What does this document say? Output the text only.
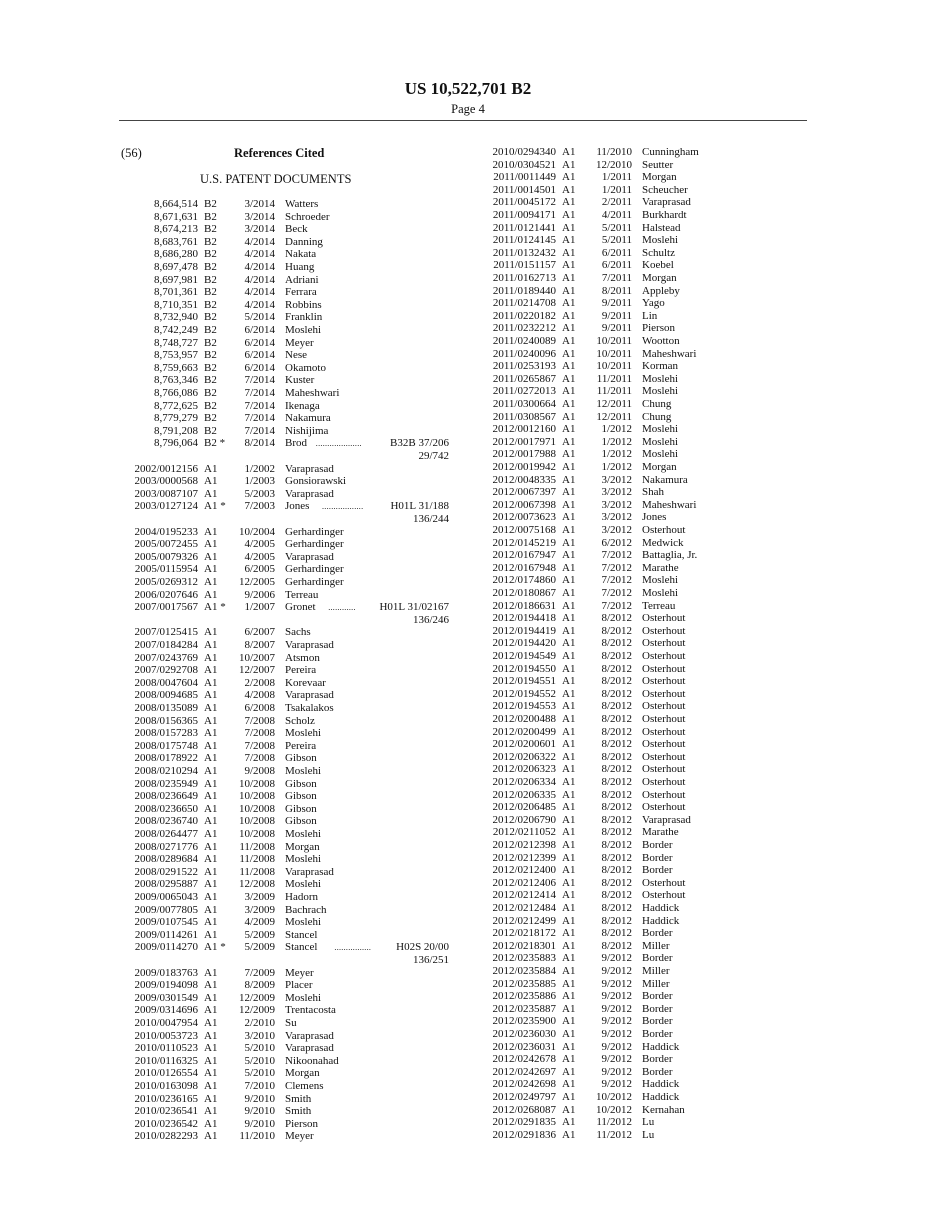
US 10,522,701 B2
Page 4
(56)	References Cited
U.S. PATENT DOCUMENTS
8,664,514 B2	3/2014 Watters
8,671,631 B2	3/2014 Schroeder
8,674,213 B2	3/2014 Beck
8,683,761 B2	4/2014 Danning
8,686,280 B2	4/2014 Nakata
8,697,478 B2	4/2014 Huang
8,697,981 B2	4/2014 Adriani
8,701,361 B2	4/2014 Ferrara
8,710,351 B2	4/2014 Robbins
8,732,940 B2	5/2014 Franklin
8,742,249 B2	6/2014 Moslehi
8,748,727 B2	6/2014 Meyer
8,753,957 B2	6/2014 Nese
8,759,663 B2	6/2014 Okamoto
8,763,346 B2	7/2014 Kuster
8,766,086 B2	7/2014 Maheshwari
8,772,625 B2	7/2014 Ikenaga
8,779,279 B2	7/2014 Nakamura
8,791,208 B2	7/2014 Nishijima
8,796,064 B2 * 8/2014 Brod ....................	B32B 37/206
29/742
2002/0012156 A1 1/2002 Varaprasad
2003/0000568 A1 1/2003 Gonsiorawski
2003/0087107 A1 5/2003 Varaprasad
2003/0127124 A1 * 7/2003 Jones .................. H01L 31/188
136/244
2004/0195233 A1 10/2004 Gerhardinger
2005/0072455 A1 4/2005 Gerhardinger
2005/0079326 A1 4/2005 Varaprasad
2005/0115954 A1 6/2005 Gerhardinger
2005/0269312 A1 12/2005 Gerhardinger
2006/0207646 A1 9/2006 Terreau
2007/0017567 A1 * 1/2007 Gronet ............ H01L 31/02167
136/246
2007/0125415 A1 6/2007 Sachs
2007/0184284 A1 8/2007 Varaprasad
2007/0243769 A1 10/2007 Atsmon
2007/0292708 A1 12/2007 Pereira
2008/0047604 A1 2/2008 Korevaar
2008/0094685 A1 4/2008 Varaprasad
2008/0135089 A1 6/2008 Tsakalakos
2008/0156365 A1 7/2008 Scholz
2008/0157283 A1 7/2008 Moslehi
2008/0175748 A1 7/2008 Pereira
2008/0178922 A1 7/2008 Gibson
2008/0210294 A1 9/2008 Moslehi
2008/0235949 A1 10/2008 Gibson
2008/0236649 A1 10/2008 Gibson
2008/0236650 A1 10/2008 Gibson
2008/0236740 A1 10/2008 Gibson
2008/0264477 A1 10/2008 Moslehi
2008/0271776 A1 11/2008 Morgan
2008/0289684 A1 11/2008 Moslehi
2008/0291522 A1 11/2008 Varaprasad
2008/0295887 A1 12/2008 Moslehi
2009/0065043 A1 3/2009 Hadorn
2009/0077805 A1 3/2009 Bachrach
2009/0107545 A1 4/2009 Moslehi
2009/0114261 A1 5/2009 Stancel
2009/0114270 A1 * 5/2009 Stancel ................ H02S 20/00
136/251
2009/0183763 A1 7/2009 Meyer
2009/0194098 A1 8/2009 Placer
2009/0301549 A1 12/2009 Moslehi
2009/0314696 A1 12/2009 Trentacosta
2010/0047954 A1 2/2010 Su
2010/0053723 A1 3/2010 Varaprasad
2010/0110523 A1 5/2010 Varaprasad
2010/0116325 A1 5/2010 Nikoonahad
2010/0126554 A1 5/2010 Morgan
2010/0163098 A1 7/2010 Clemens
2010/0236165 A1 9/2010 Smith
2010/0236541 A1 9/2010 Smith
2010/0236542 A1 9/2010 Pierson
2010/0282293 A1 11/2010 Meyer
2010/0294340 A1 11/2010 Cunningham
2010/0304521 A1 12/2010 Seutter
2011/0011449 A1 1/2011 Morgan
2011/0014501 A1 1/2011 Scheucher
2011/0045172 A1 2/2011 Varaprasad
2011/0094171 A1 4/2011 Burkhardt
2011/0121441 A1 5/2011 Halstead
2011/0124145 A1 5/2011 Moslehi
2011/0132432 A1 6/2011 Schultz
2011/0151157 A1 6/2011 Koebel
2011/0162713 A1 7/2011 Morgan
2011/0189440 A1 8/2011 Appleby
2011/0214708 A1 9/2011 Yago
2011/0220182 A1 9/2011 Lin
2011/0232212 A1 9/2011 Pierson
2011/0240089 A1 10/2011 Wootton
2011/0240096 A1 10/2011 Maheshwari
2011/0253193 A1 10/2011 Korman
2011/0265867 A1 11/2011 Moslehi
2011/0272013 A1 11/2011 Moslehi
2011/0300664 A1 12/2011 Chung
2011/0308567 A1 12/2011 Chung
2012/0012160 A1 1/2012 Moslehi
2012/0017971 A1 1/2012 Moslehi
2012/0017988 A1 1/2012 Moslehi
2012/0019942 A1 1/2012 Morgan
2012/0048335 A1 3/2012 Nakamura
2012/0067397 A1 3/2012 Shah
2012/0067398 A1 3/2012 Maheshwari
2012/0073623 A1 3/2012 Jones
2012/0075168 A1 3/2012 Osterhout
2012/0145219 A1 6/2012 Medwick
2012/0167947 A1 7/2012 Battaglia, Jr.
2012/0167948 A1 7/2012 Marathe
2012/0174860 A1 7/2012 Moslehi
2012/0180867 A1 7/2012 Moslehi
2012/0186631 A1 7/2012 Terreau
2012/0194418 A1 8/2012 Osterhout
2012/0194419 A1 8/2012 Osterhout
2012/0194420 A1 8/2012 Osterhout
2012/0194549 A1 8/2012 Osterhout
2012/0194550 A1 8/2012 Osterhout
2012/0194551 A1 8/2012 Osterhout
2012/0194552 A1 8/2012 Osterhout
2012/0194553 A1 8/2012 Osterhout
2012/0200488 A1 8/2012 Osterhout
2012/0200499 A1 8/2012 Osterhout
2012/0200601 A1 8/2012 Osterhout
2012/0206322 A1 8/2012 Osterhout
2012/0206323 A1 8/2012 Osterhout
2012/0206334 A1 8/2012 Osterhout
2012/0206335 A1 8/2012 Osterhout
2012/0206485 A1 8/2012 Osterhout
2012/0206790 A1 8/2012 Varaprasad
2012/0211052 A1 8/2012 Marathe
2012/0212398 A1 8/2012 Border
2012/0212399 A1 8/2012 Border
2012/0212400 A1 8/2012 Border
2012/0212406 A1 8/2012 Osterhout
2012/0212414 A1 8/2012 Osterhout
2012/0212484 A1 8/2012 Haddick
2012/0212499 A1 8/2012 Haddick
2012/0218172 A1 8/2012 Border
2012/0218301 A1 8/2012 Miller
2012/0235883 A1 9/2012 Border
2012/0235884 A1 9/2012 Miller
2012/0235885 A1 9/2012 Miller
2012/0235886 A1 9/2012 Border
2012/0235887 A1 9/2012 Border
2012/0235900 A1 9/2012 Border
2012/0236030 A1 9/2012 Border
2012/0236031 A1 9/2012 Haddick
2012/0242678 A1 9/2012 Border
2012/0242697 A1 9/2012 Border
2012/0242698 A1 9/2012 Haddick
2012/0249797 A1 10/2012 Haddick
2012/0268087 A1 10/2012 Kernahan
2012/0291835 A1 11/2012 Lu
2012/0291836 A1 11/2012 Lu
